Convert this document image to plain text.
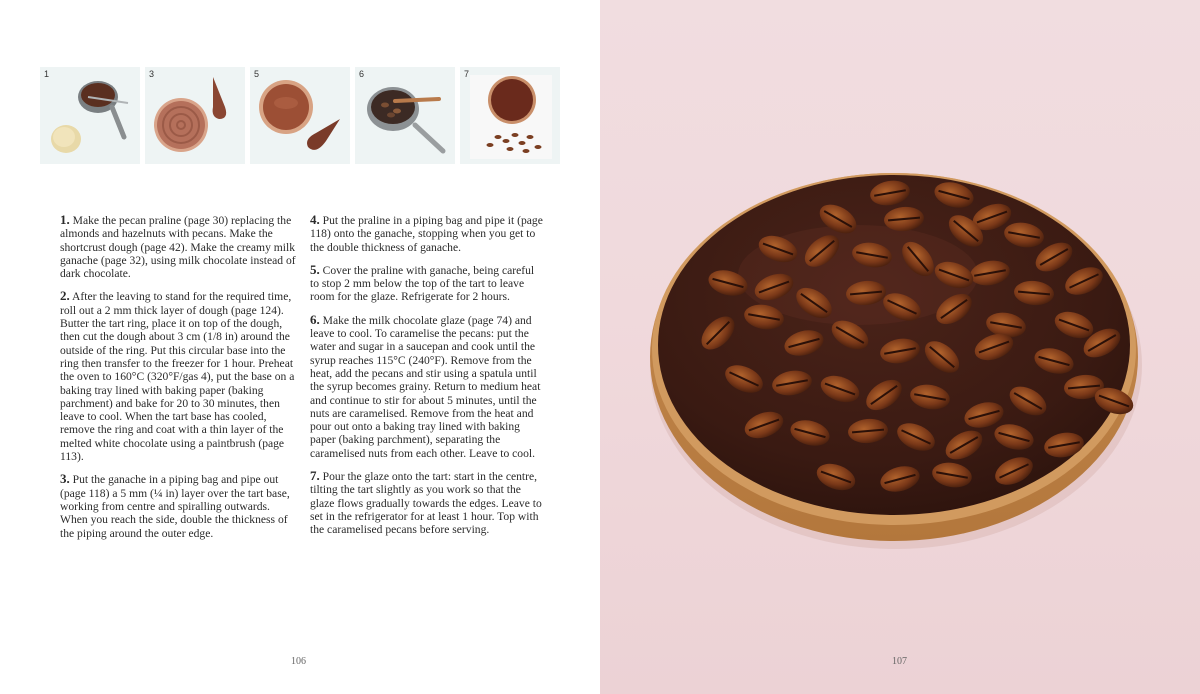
1	3	5	6	7

1. Make the pecan praline (page 30) replacing the almonds and hazelnuts with pecans. Make the shortcrust dough (page 42). Make the creamy milk ganache (page 32), using milk chocolate instead of dark chocolate.

2. After the leaving to stand for the required time, roll out a 2 mm thick layer of dough (page 124). Butter the tart ring, place it on top of the dough, then cut the dough about 3 cm (1/8 in) around the outside of the ring. Put this circular base into the ring then transfer to the freezer for 1 hour. Preheat the oven to 160°C (320°F/gas 4), put the base on a baking tray lined with baking paper (baking parchment) and bake for 20 to 30 minutes, then leave to cool. When the tart base has cooled, remove the ring and coat with a thin layer of the melted white chocolate using a paintbrush (page 113).

3. Put the ganache in a piping bag and pipe out (page 118) a 5 mm (¼ in) layer over the tart base, working from centre and spiralling outwards. When you reach the side, double the thickness of the piping around the outer edge.

4. Put the praline in a piping bag and pipe it (page 118) onto the ganache, stopping when you get to the double thickness of ganache.

5. Cover the praline with ganache, being careful to stop 2 mm below the top of the tart to leave room for the glaze. Refrigerate for 2 hours.

6. Make the milk chocolate glaze (page 74) and leave to cool. To caramelise the pecans: put the water and sugar in a saucepan and cook until the syrup reaches 115°C (240°F). Remove from the heat, add the pecans and stir using a spatula until the syrup becomes grainy. Return to medium heat and continue to stir for about 5 minutes, until the nuts are caramelised. Remove from the heat and pour out onto a baking tray lined with baking paper (baking parchment), separating the caramelised nuts from each other. Leave to cool.

7. Pour the glaze onto the tart: start in the centre, tilting the tart slightly as you work so that the glaze flows gradually towards the edges. Leave to set in the refrigerator for at least 1 hour. Top with the caramelised pecans before serving.

106	107
